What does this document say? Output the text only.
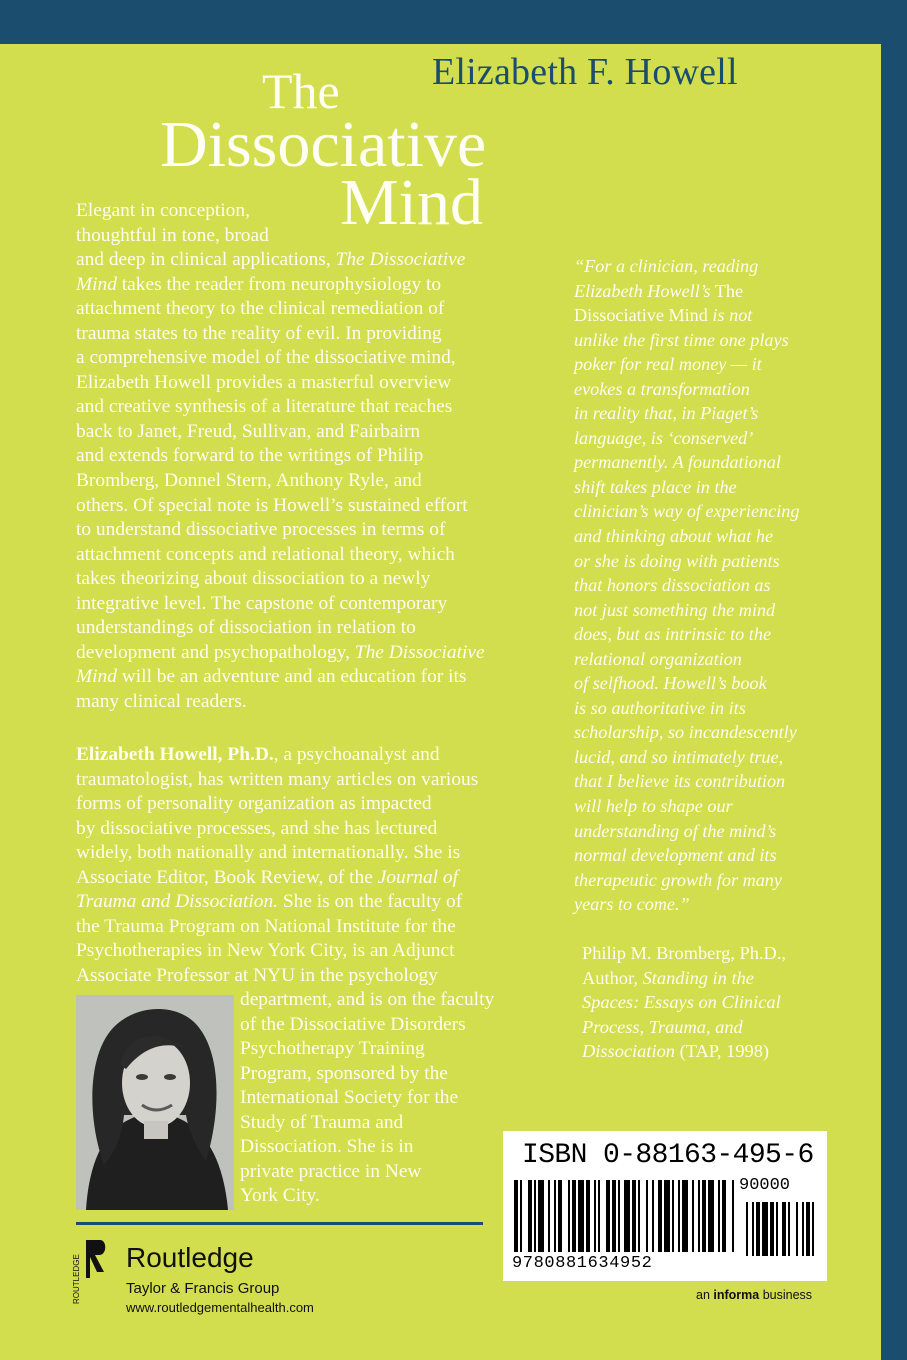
Elizabeth F. Howell
The
Dissociative
Mind
Elegant in conception,
thoughtful in tone, broad
and deep in clinical applications, The Dissociative
Mind takes the reader from neurophysiology to
attachment theory to the clinical remediation of
trauma states to the reality of evil. In providing
a comprehensive model of the dissociative mind,
Elizabeth Howell provides a masterful overview
and creative synthesis of a literature that reaches
back to Janet, Freud, Sullivan, and Fairbairn
and extends forward to the writings of Philip
Bromberg, Donnel Stern, Anthony Ryle, and
others. Of special note is Howell’s sustained effort
to understand dissociative processes in terms of
attachment concepts and relational theory, which
takes theorizing about dissociation to a newly
integrative level. The capstone of contemporary
understandings of dissociation in relation to
development and psychopathology, The Dissociative
Mind will be an adventure and an education for its
many clinical readers.
Elizabeth Howell, Ph.D., a psychoanalyst and
traumatologist, has written many articles on various
forms of personality organization as impacted
by dissociative processes, and she has lectured
widely, both nationally and internationally. She is
Associate Editor, Book Review, of the Journal of
Trauma and Dissociation. She is on the faculty of
the Trauma Program on National Institute for the
Psychotherapies in New York City, is an Adjunct
Associate Professor at NYU in the psychology
department, and is on the faculty
of the Dissociative Disorders
Psychotherapy Training
Program, sponsored by the
International Society for the
Study of Trauma and
Dissociation. She is in
private practice in New
York City.
“For a clinician, reading
Elizabeth Howell’s The
Dissociative Mind is not
unlike the first time one plays
poker for real money — it
evokes a transformation
in reality that, in Piaget’s
language, is ‘conserved’
permanently. A foundational
shift takes place in the
clinician’s way of experiencing
and thinking about what he
or she is doing with patients
that honors dissociation as
not just something the mind
does, but as intrinsic to the
relational organization
of selfhood. Howell’s book
is so authoritative in its
scholarship, so incandescently
lucid, and so intimately true,
that I believe its contribution
will help to shape our
understanding of the mind’s
normal development and its
therapeutic growth for many
years to come.”
Philip M. Bromberg, Ph.D.,
Author, Standing in the
Spaces: Essays on Clinical
Process, Trauma, and
Dissociation (TAP, 1998)
ROUTLEDGE Routledge
Taylor & Francis Group
www.routledgementalhealth.com
ISBN 0-88163-495-6
90000
9780881634952
an informa business
